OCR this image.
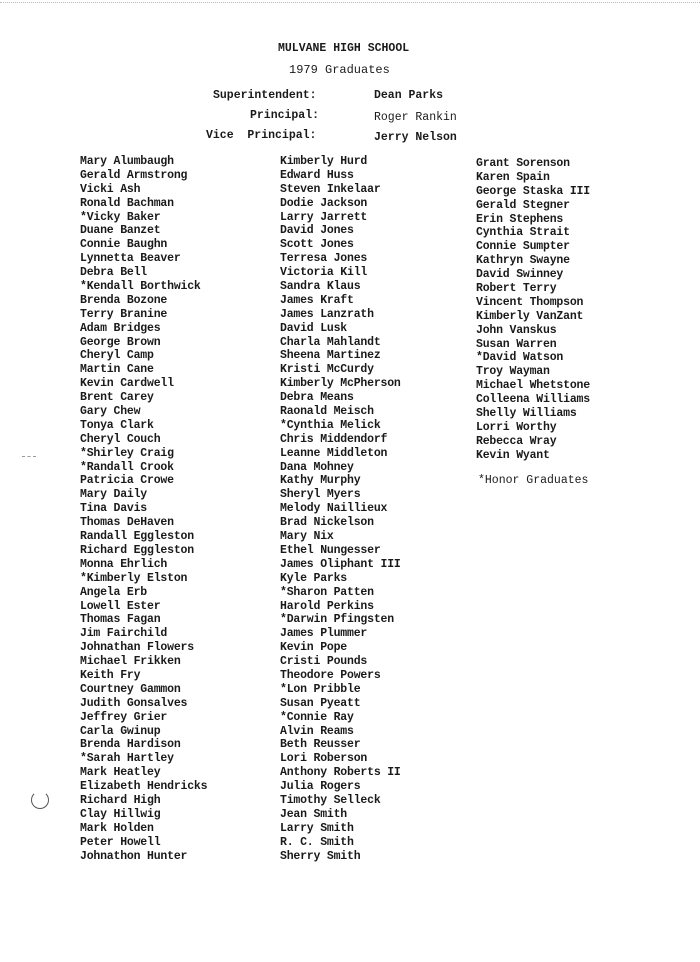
MULVANE HIGH SCHOOL
1979 Graduates
Superintendent:	Dean Parks
Principal:	Roger Rankin
Vice  Principal:	Jerry Nelson
Mary Alumbaugh
Gerald Armstrong
Vicki Ash
Ronald Bachman
*Vicky Baker
Duane Banzet
Connie Baughn
Lynnetta Beaver
Debra Bell
*Kendall Borthwick
Brenda Bozone
Terry Branine
Adam Bridges
George Brown
Cheryl Camp
Martin Cane
Kevin Cardwell
Brent Carey
Gary Chew
Tonya Clark
Cheryl Couch
*Shirley Craig
*Randall Crook
Patricia Crowe
Mary Daily
Tina Davis
Thomas DeHaven
Randall Eggleston
Richard Eggleston
Monna Ehrlich
*Kimberly Elston
Angela Erb
Lowell Ester
Thomas Fagan
Jim Fairchild
Johnathan Flowers
Michael Frikken
Keith Fry
Courtney Gammon
Judith Gonsalves
Jeffrey Grier
Carla Gwinup
Brenda Hardison
*Sarah Hartley
Mark Heatley
Elizabeth Hendricks
Richard High
Clay Hillwig
Mark Holden
Peter Howell
Johnathon Hunter
Kimberly Hurd
Edward Huss
Steven Inkelaar
Dodie Jackson
Larry Jarrett
David Jones
Scott Jones
Terresa Jones
Victoria Kill
Sandra Klaus
James Kraft
James Lanzrath
David Lusk
Charla Mahlandt
Sheena Martinez
Kristi McCurdy
Kimberly McPherson
Debra Means
Raonald Meisch
*Cynthia Melick
Chris Middendorf
Leanne Middleton
Dana Mohney
Kathy Murphy
Sheryl Myers
Melody Naillieux
Brad Nickelson
Mary Nix
Ethel Nungesser
James Oliphant III
Kyle Parks
*Sharon Patten
Harold Perkins
*Darwin Pfingsten
James Plummer
Kevin Pope
Cristi Pounds
Theodore Powers
*Lon Pribble
Susan Pyeatt
*Connie Ray
Alvin Reams
Beth Reusser
Lori Roberson
Anthony Roberts II
Julia Rogers
Timothy Selleck
Jean Smith
Larry Smith
R. C. Smith
Sherry Smith
Grant Sorenson
Karen Spain
George Staska III
Gerald Stegner
Erin Stephens
Cynthia Strait
Connie Sumpter
Kathryn Swayne
David Swinney
Robert Terry
Vincent Thompson
Kimberly VanZant
John Vanskus
Susan Warren
*David Watson
Troy Wayman
Michael Whetstone
Colleena Williams
Shelly Williams
Lorri Worthy
Rebecca Wray
Kevin Wyant
*Honor Graduates
